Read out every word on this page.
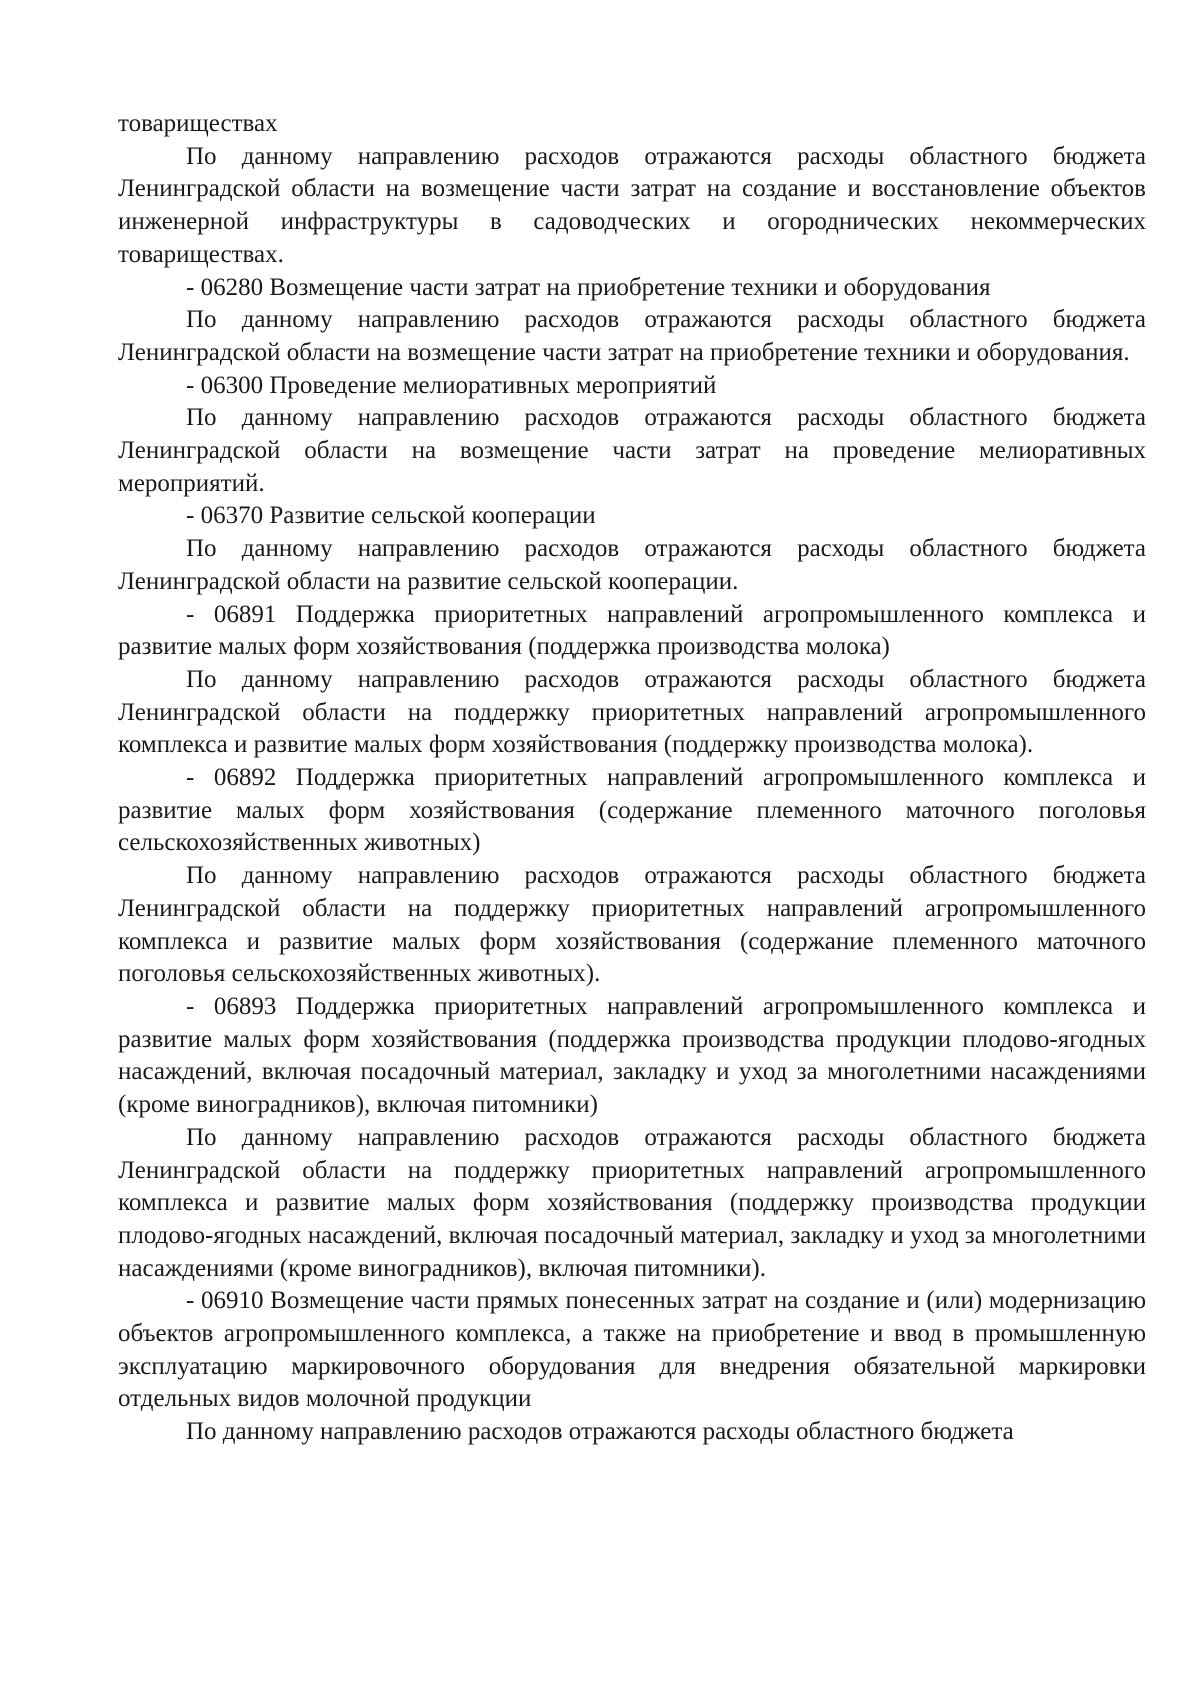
товариществах

По данному направлению расходов отражаются расходы областного бюджета Ленинградской области на возмещение части затрат на создание и восстановление объектов инженерной инфраструктуры в садоводческих и огороднических некоммерческих товариществах.

- 06280 Возмещение части затрат на приобретение техники и оборудования

По данному направлению расходов отражаются расходы областного бюджета Ленинградской области на возмещение части затрат на приобретение техники и оборудования.

- 06300 Проведение мелиоративных мероприятий

По данному направлению расходов отражаются расходы областного бюджета Ленинградской области на возмещение части затрат на проведение мелиоративных мероприятий.

- 06370 Развитие сельской кооперации

По данному направлению расходов отражаются расходы областного бюджета Ленинградской области на развитие сельской кооперации.

- 06891 Поддержка приоритетных направлений агропромышленного комплекса и развитие малых форм хозяйствования (поддержка производства молока)

По данному направлению расходов отражаются расходы областного бюджета Ленинградской области на поддержку приоритетных направлений агропромышленного комплекса и развитие малых форм хозяйствования (поддержку производства молока).

- 06892 Поддержка приоритетных направлений агропромышленного комплекса и развитие малых форм хозяйствования (содержание племенного маточного поголовья сельскохозяйственных животных)

По данному направлению расходов отражаются расходы областного бюджета Ленинградской области на поддержку приоритетных направлений агропромышленного комплекса и развитие малых форм хозяйствования (содержание племенного маточного поголовья сельскохозяйственных животных).

- 06893 Поддержка приоритетных направлений агропромышленного комплекса и развитие малых форм хозяйствования (поддержка производства продукции плодово-ягодных насаждений, включая посадочный материал, закладку и уход за многолетними насаждениями (кроме виноградников), включая питомники)

По данному направлению расходов отражаются расходы областного бюджета Ленинградской области на поддержку приоритетных направлений агропромышленного комплекса и развитие малых форм хозяйствования (поддержку производства продукции плодово-ягодных насаждений, включая посадочный материал, закладку и уход за многолетними насаждениями (кроме виноградников), включая питомники).

- 06910 Возмещение части прямых понесенных затрат на создание и (или) модернизацию объектов агропромышленного комплекса, а также на приобретение и ввод в промышленную эксплуатацию маркировочного оборудования для внедрения обязательной маркировки отдельных видов молочной продукции

По данному направлению расходов отражаются расходы областного бюджета
